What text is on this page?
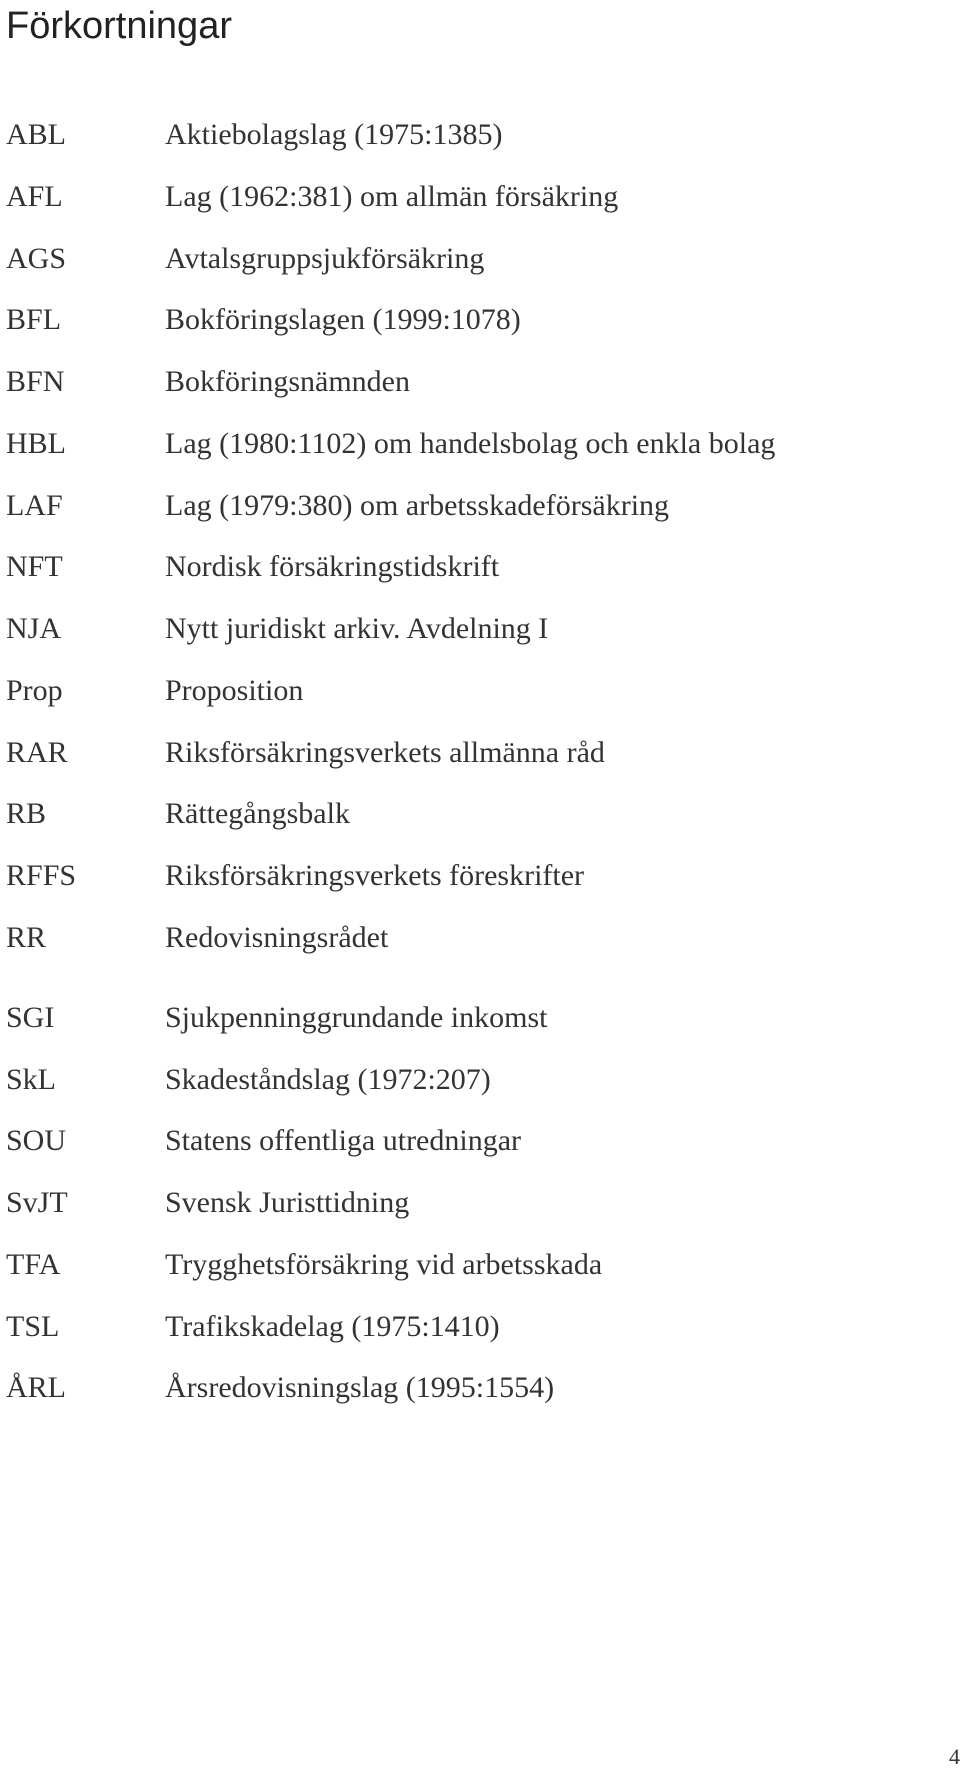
Förkortningar
ABL	Aktiebolagslag (1975:1385)
AFL	Lag (1962:381) om allmän försäkring
AGS	Avtalsgruppsjukförsäkring
BFL	Bokföringslagen (1999:1078)
BFN	Bokföringsnämnden
HBL	Lag (1980:1102) om handelsbolag och enkla bolag
LAF	Lag (1979:380) om arbetsskadeförsäkring
NFT	Nordisk försäkringstidskrift
NJA	Nytt juridiskt arkiv. Avdelning I
Prop	Proposition
RAR	Riksförsäkringsverkets allmänna råd
RB	Rättegångsbalk
RFFS	Riksförsäkringsverkets föreskrifter
RR	Redovisningsrådet
SGI	Sjukpenninggrundande inkomst
SkL	Skadeståndslag (1972:207)
SOU	Statens offentliga utredningar
SvJT	Svensk Juristtidning
TFA	Trygghetsförsäkring vid arbetsskada
TSL	Trafikskadelag (1975:1410)
ÅRL	Årsredovisningslag (1995:1554)
4
